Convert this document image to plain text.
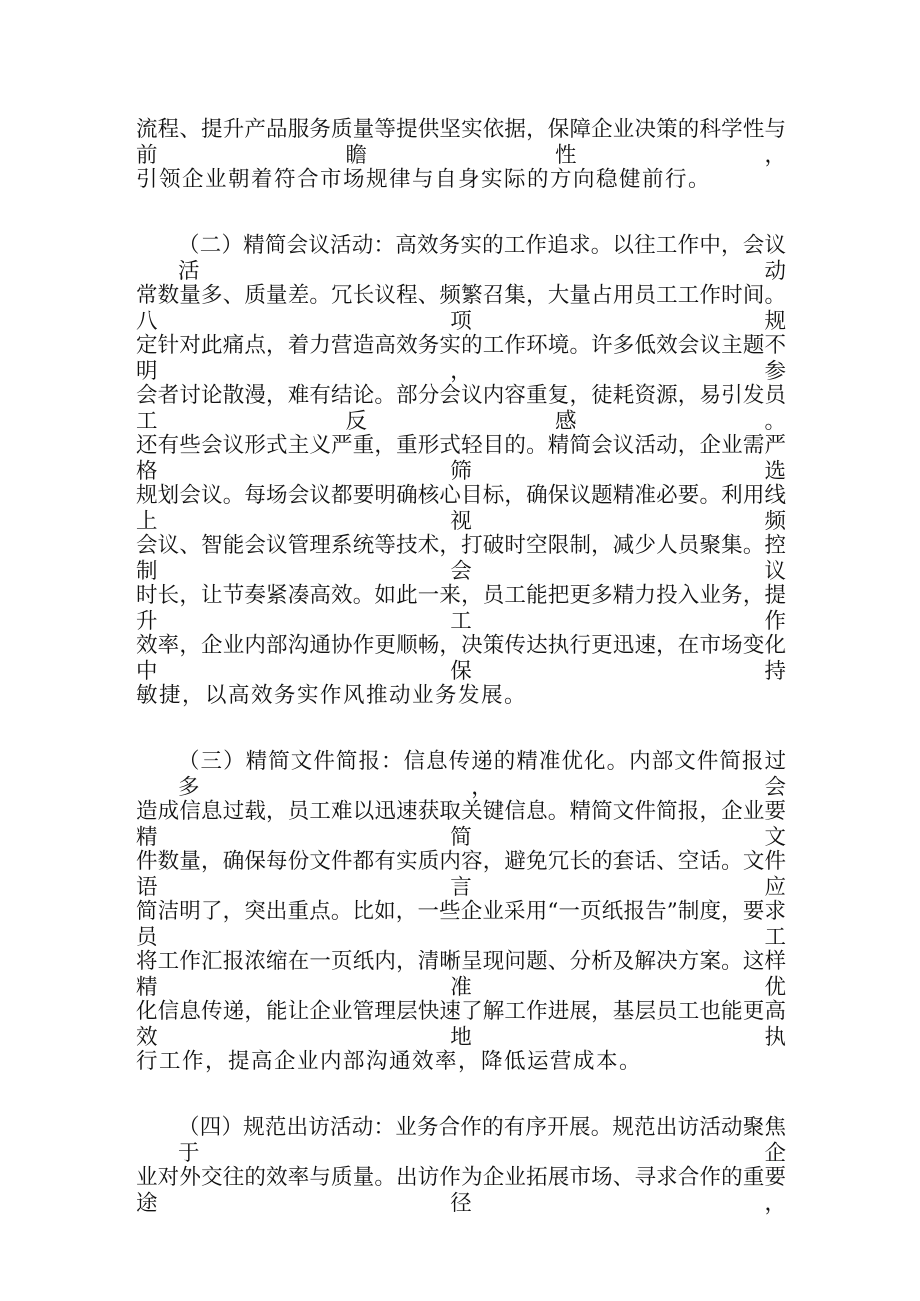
流程、提升产品服务质量等提供坚实依据，保障企业决策的科学性与前瞻性，
引领企业朝着符合市场规律与自身实际的方向稳健前行。
（二）精简会议活动：高效务实的工作追求。以往工作中，会议活动
常数量多、质量差。冗长议程、频繁召集，大量占用员工工作时间。八项规
定针对此痛点，着力营造高效务实的工作环境。许多低效会议主题不明，参
会者讨论散漫，难有结论。部分会议内容重复，徒耗资源，易引发员工反感。
还有些会议形式主义严重，重形式轻目的。精简会议活动，企业需严格筛选
规划会议。每场会议都要明确核心目标，确保议题精准必要。利用线上视频
会议、智能会议管理系统等技术，打破时空限制，减少人员聚集。控制会议
时长，让节奏紧凑高效。如此一来，员工能把更多精力投入业务，提升工作
效率，企业内部沟通协作更顺畅，决策传达执行更迅速，在市场变化中保持
敏捷，以高效务实作风推动业务发展。
（三）精简文件简报：信息传递的精准优化。内部文件简报过多，会
造成信息过载，员工难以迅速获取关键信息。精简文件简报，企业要精简文
件数量，确保每份文件都有实质内容，避免冗长的套话、空话。文件语言应
简洁明了，突出重点。比如，一些企业采用“一页纸报告”制度，要求员工
将工作汇报浓缩在一页纸内，清晰呈现问题、分析及解决方案。这样精准优
化信息传递，能让企业管理层快速了解工作进展，基层员工也能更高效地执
行工作，提高企业内部沟通效率，降低运营成本。
（四）规范出访活动：业务合作的有序开展。规范出访活动聚焦于企
业对外交往的效率与质量。出访作为企业拓展市场、寻求合作的重要途径，
